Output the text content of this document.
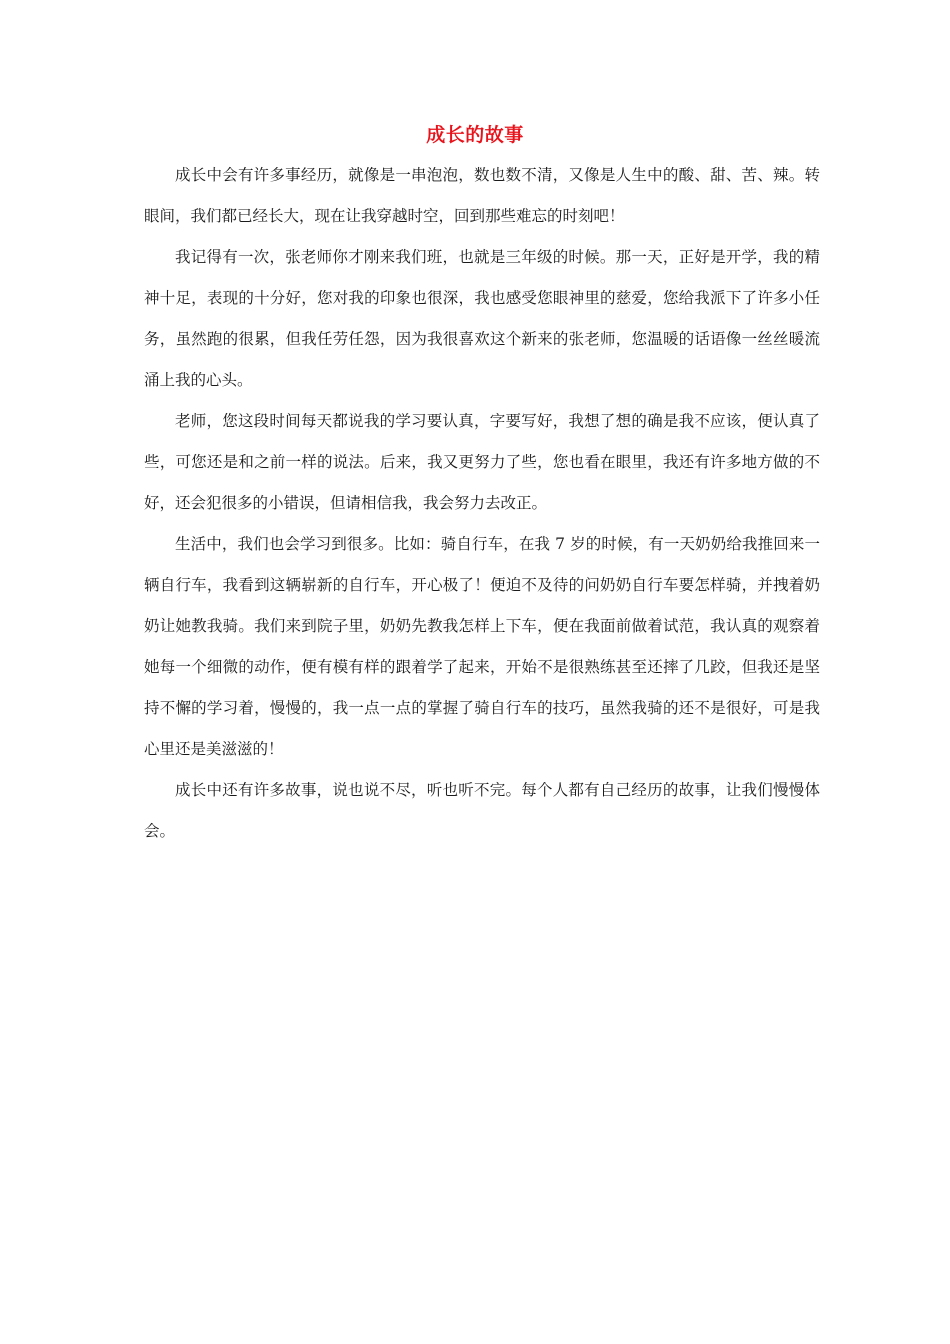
成长的故事

成长中会有许多事经历，就像是一串泡泡，数也数不清，又像是人生中的酸、甜、苦、辣。转眼间，我们都已经长大，现在让我穿越时空，回到那些难忘的时刻吧！

我记得有一次，张老师你才刚来我们班，也就是三年级的时候。那一天，正好是开学，我的精神十足，表现的十分好，您对我的印象也很深，我也感受您眼神里的慈爱，您给我派下了许多小任务，虽然跑的很累，但我任劳任怨，因为我很喜欢这个新来的张老师，您温暖的话语像一丝丝暖流涌上我的心头。

老师，您这段时间每天都说我的学习要认真，字要写好，我想了想的确是我不应该，便认真了些，可您还是和之前一样的说法。后来，我又更努力了些，您也看在眼里，我还有许多地方做的不好，还会犯很多的小错误，但请相信我，我会努力去改正。

生活中，我们也会学习到很多。比如：骑自行车，在我 7 岁的时候，有一天奶奶给我推回来一辆自行车，我看到这辆崭新的自行车，开心极了！便迫不及待的问奶奶自行车要怎样骑，并拽着奶奶让她教我骑。我们来到院子里，奶奶先教我怎样上下车，便在我面前做着试范，我认真的观察着她每一个细微的动作，便有模有样的跟着学了起来，开始不是很熟练甚至还摔了几跤，但我还是坚持不懈的学习着，慢慢的，我一点一点的掌握了骑自行车的技巧，虽然我骑的还不是很好，可是我心里还是美滋滋的！

成长中还有许多故事，说也说不尽，听也听不完。每个人都有自己经历的故事，让我们慢慢体会。
